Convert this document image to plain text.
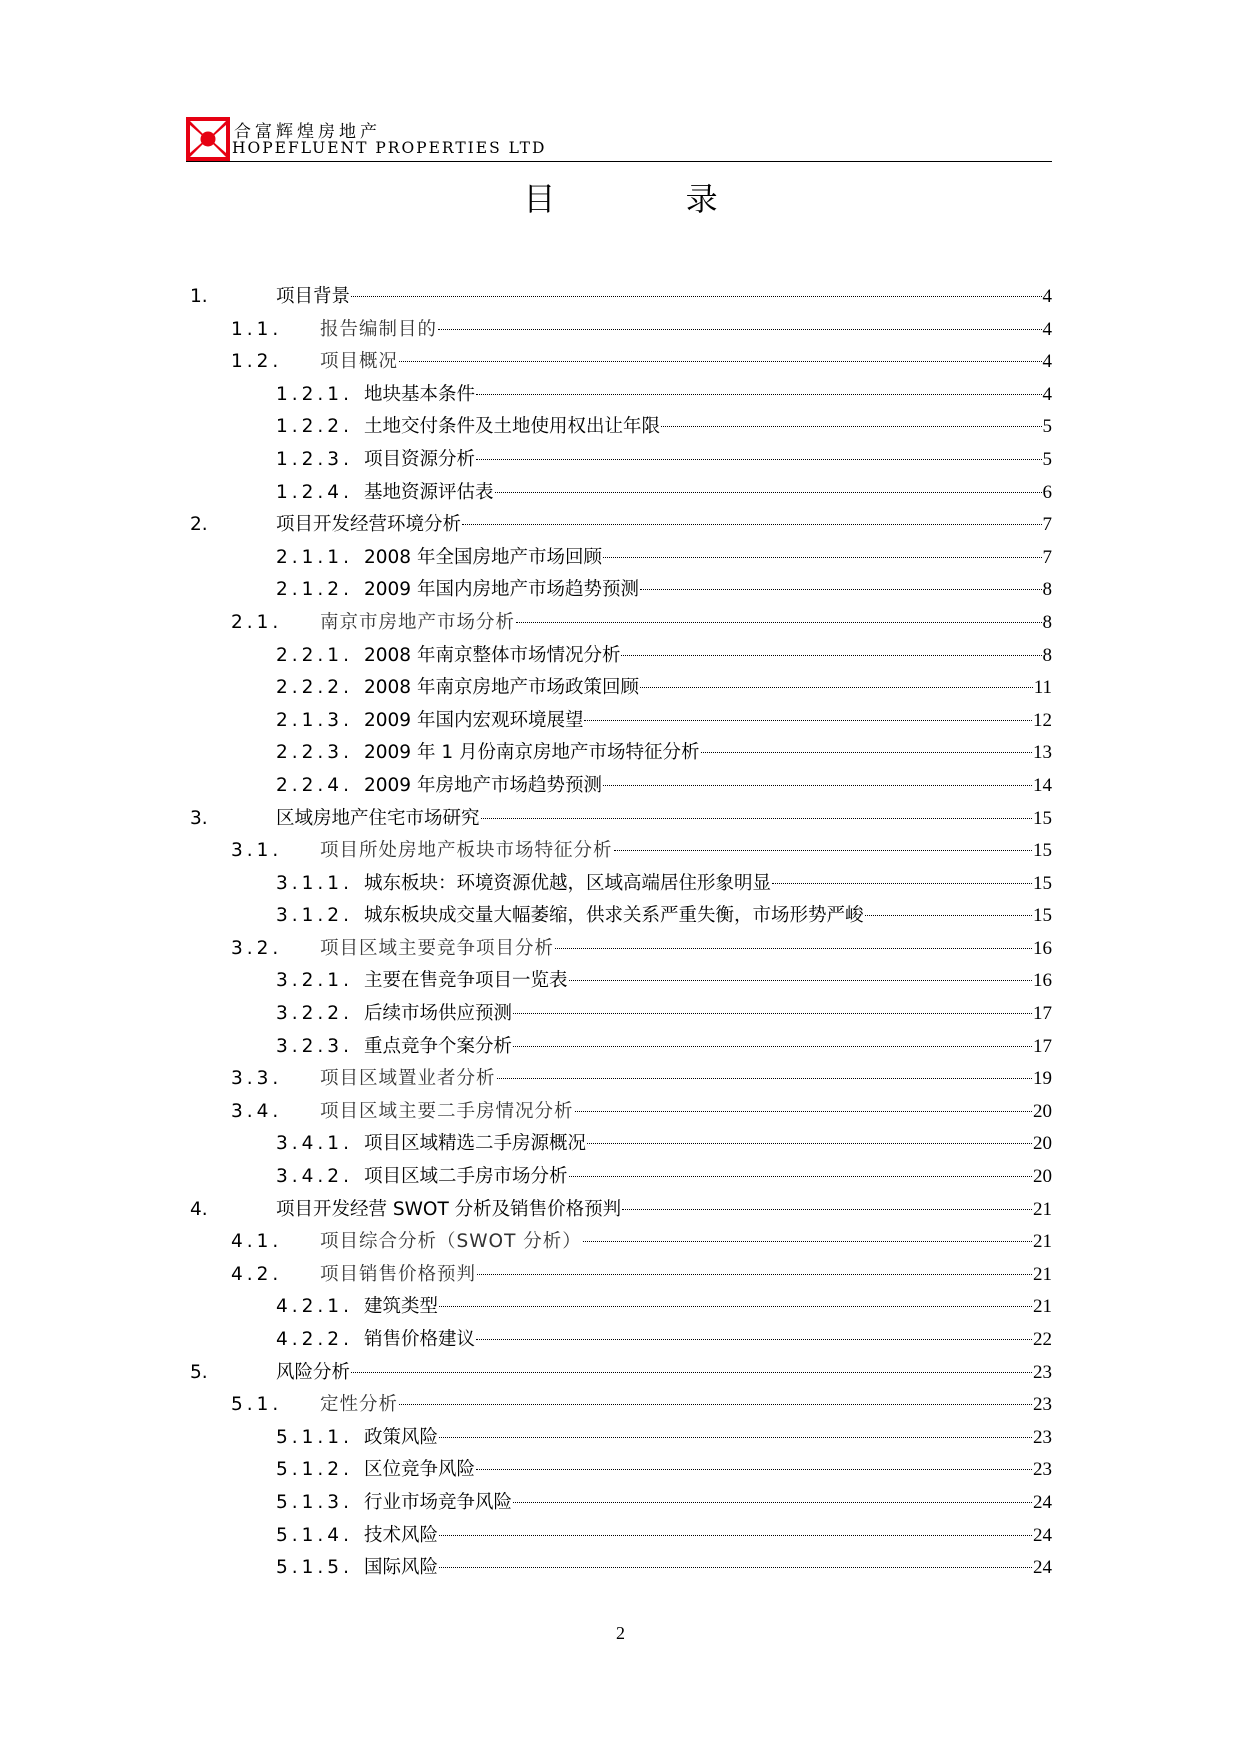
合富辉煌房地产
HOPEFLUENT PROPERTIES LTD
目 录
1.	项目背景	4
1.1. 报告编制目的	4
1.2. 项目概况	4
1.2.1. 地块基本条件	4
1.2.2. 土地交付条件及土地使用权出让年限	5
1.2.3. 项目资源分析	5
1.2.4. 基地资源评估表	6
2.	项目开发经营环境分析	7
2.1.1. 2008 年全国房地产市场回顾	7
2.1.2. 2009 年国内房地产市场趋势预测	8
2.1. 南京市房地产市场分析	8
2.2.1. 2008 年南京整体市场情况分析	8
2.2.2. 2008 年南京房地产市场政策回顾	11
2.1.3. 2009 年国内宏观环境展望	12
2.2.3. 2009 年 1 月份南京房地产市场特征分析	13
2.2.4. 2009 年房地产市场趋势预测	14
3.	区域房地产住宅市场研究	15
3.1. 项目所处房地产板块市场特征分析	15
3.1.1. 城东板块：环境资源优越，区域高端居住形象明显	15
3.1.2. 城东板块成交量大幅萎缩，供求关系严重失衡，市场形势严峻	15
3.2. 项目区域主要竞争项目分析	16
3.2.1. 主要在售竞争项目一览表	16
3.2.2. 后续市场供应预测	17
3.2.3. 重点竞争个案分析	17
3.3. 项目区域置业者分析	19
3.4. 项目区域主要二手房情况分析	20
3.4.1. 项目区域精选二手房源概况	20
3.4.2. 项目区域二手房市场分析	20
4.	项目开发经营 SWOT 分析及销售价格预判	21
4.1. 项目综合分析（SWOT 分析）	21
4.2. 项目销售价格预判	21
4.2.1. 建筑类型	21
4.2.2. 销售价格建议	22
5.	风险分析	23
5.1. 定性分析	23
5.1.1. 政策风险	23
5.1.2. 区位竞争风险	23
5.1.3. 行业市场竞争风险	24
5.1.4. 技术风险	24
5.1.5. 国际风险	24
2
